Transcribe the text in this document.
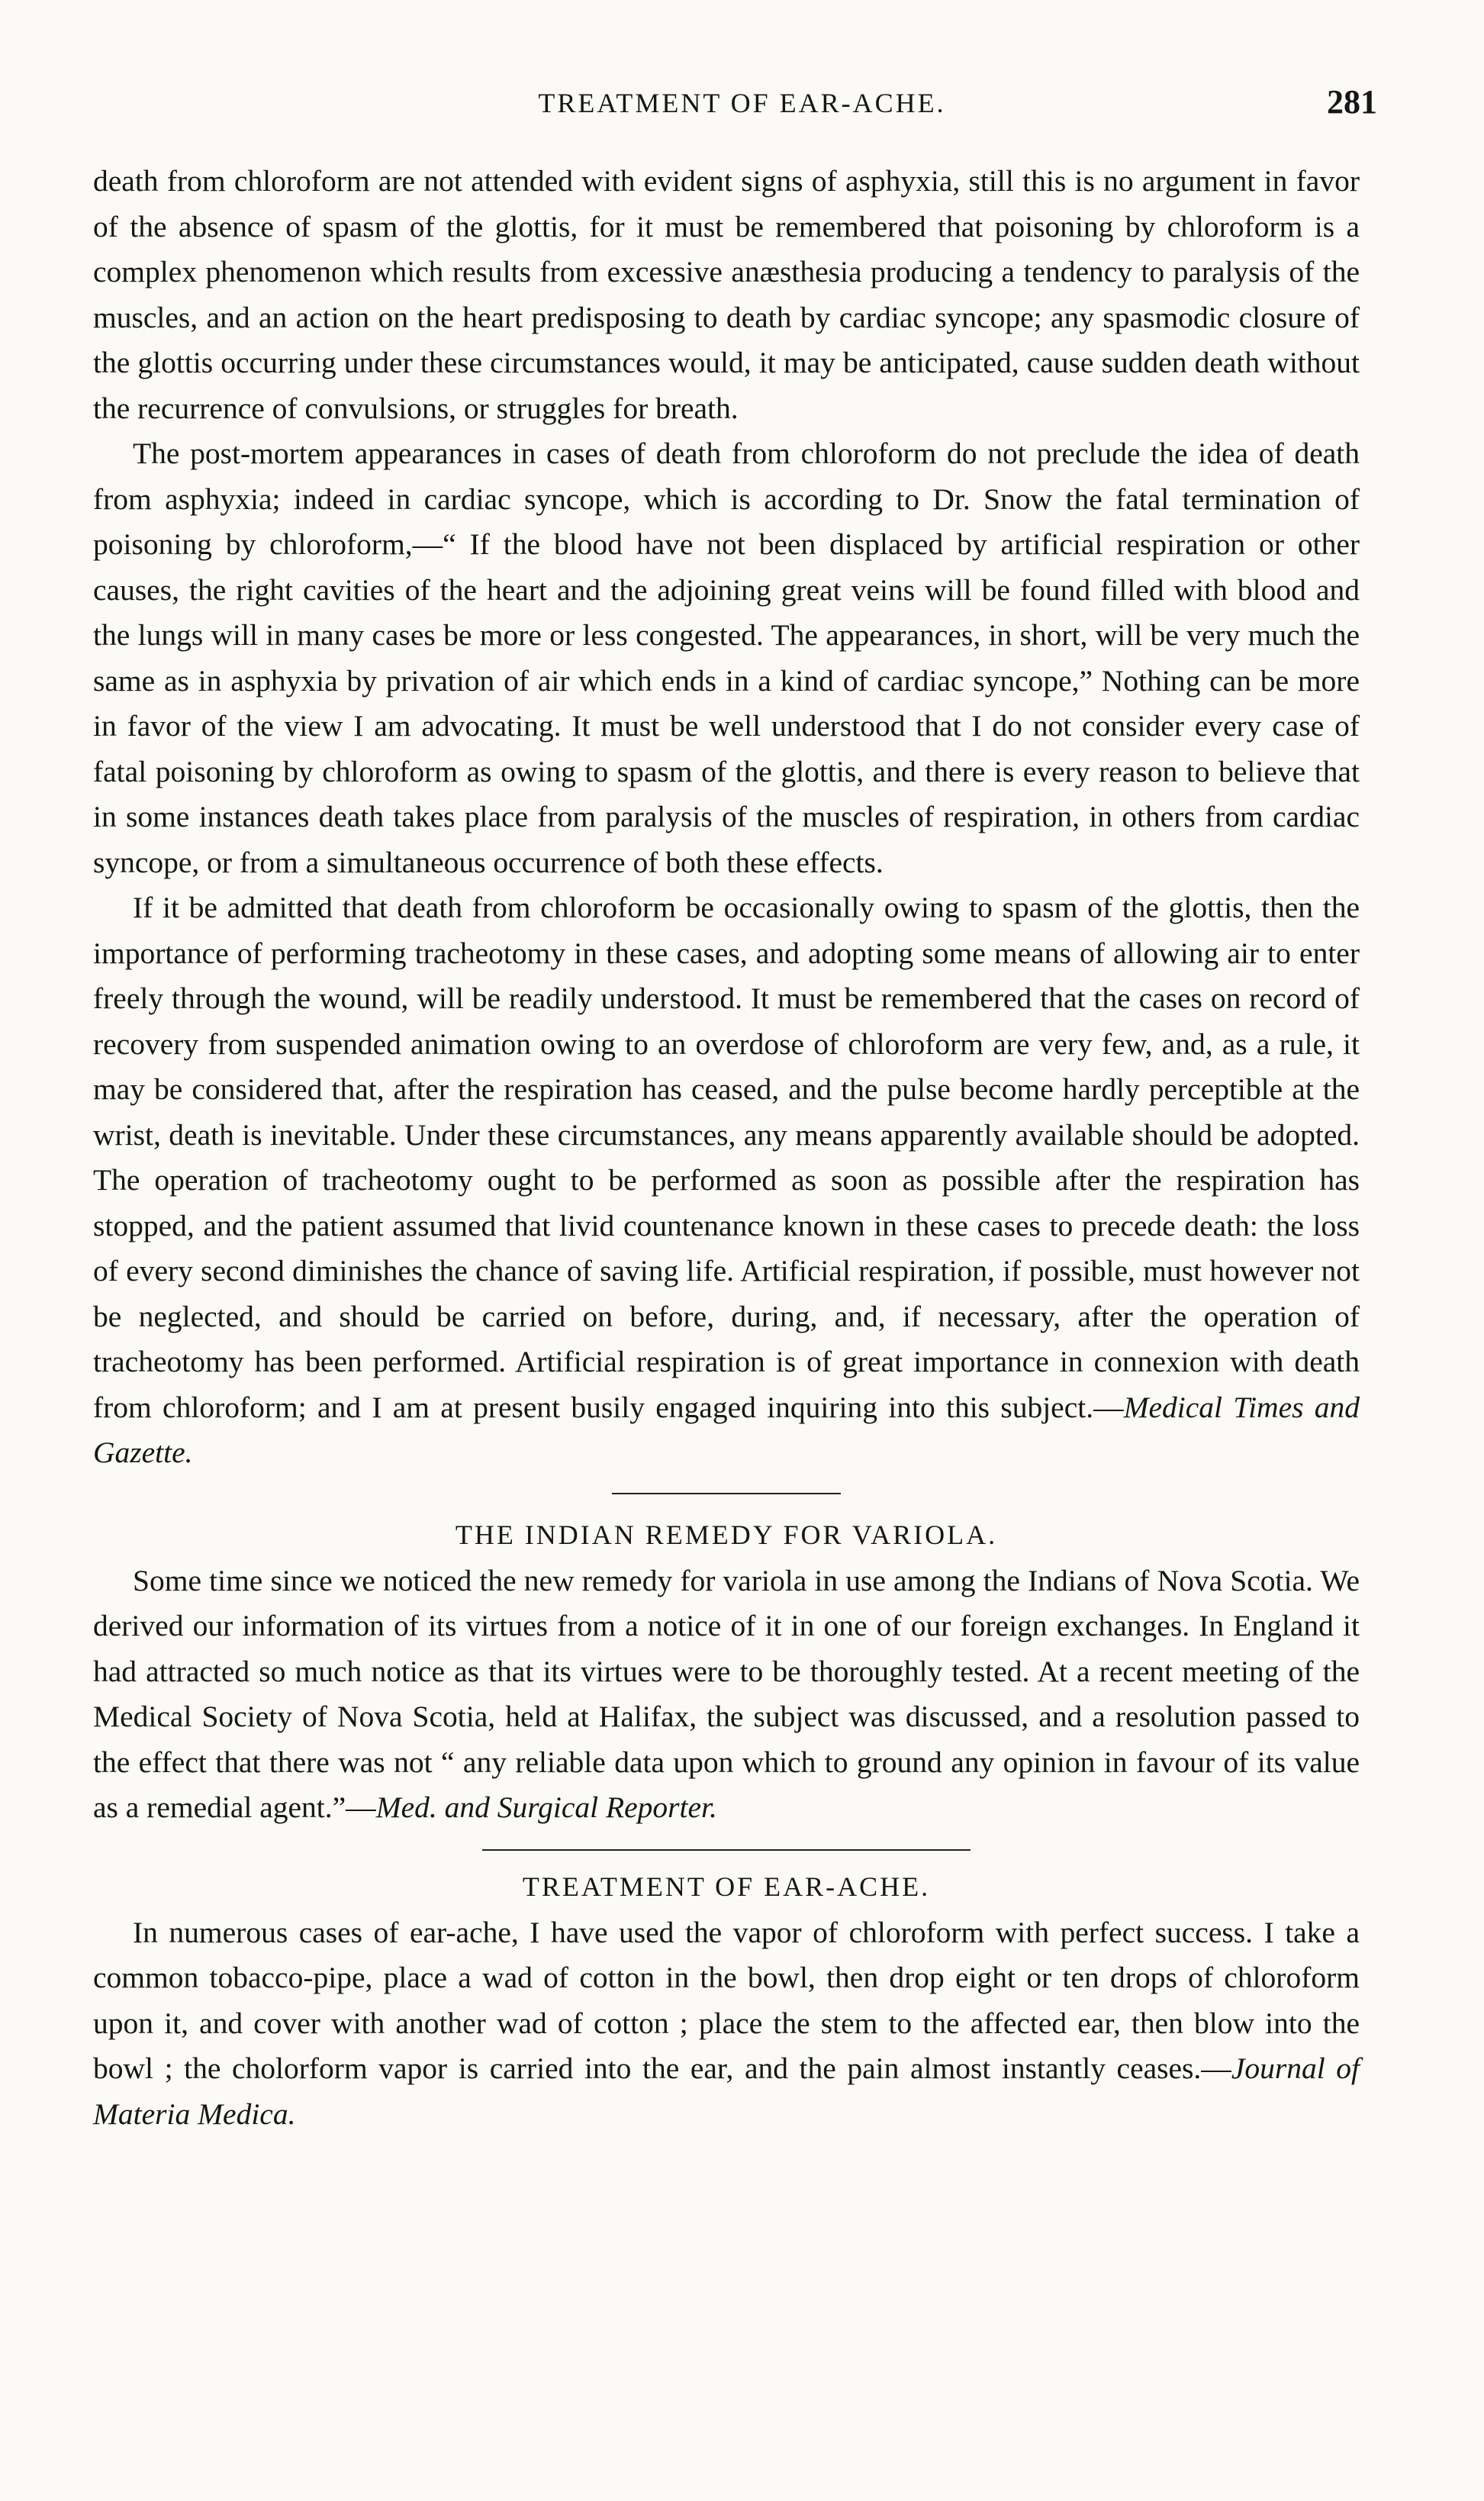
TREATMENT OF EAR-ACHE.	281

death from chloroform are not attended with evident signs of asphyxia, still this is no argument in favor of the absence of spasm of the glottis, for it must be remembered that poisoning by chloroform is a complex phenomenon which results from excessive anæsthesia producing a tendency to paralysis of the muscles, and an action on the heart predisposing to death by cardiac syncope; any spasmodic closure of the glottis occurring under these circumstances would, it may be anticipated, cause sudden death without the recurrence of convulsions, or struggles for breath.

The post-mortem appearances in cases of death from chloroform do not preclude the idea of death from asphyxia; indeed in cardiac syncope, which is according to Dr. Snow the fatal termination of poisoning by chloroform,—“ If the blood have not been displaced by artificial respiration or other causes, the right cavities of the heart and the adjoining great veins will be found filled with blood and the lungs will in many cases be more or less congested. The appearances, in short, will be very much the same as in asphyxia by privation of air which ends in a kind of cardiac syncope,” Nothing can be more in favor of the view I am advocating. It must be well understood that I do not consider every case of fatal poisoning by chloroform as owing to spasm of the glottis, and there is every reason to believe that in some instances death takes place from paralysis of the muscles of respiration, in others from cardiac syncope, or from a simultaneous occurrence of both these effects.

If it be admitted that death from chloroform be occasionally owing to spasm of the glottis, then the importance of performing tracheotomy in these cases, and adopting some means of allowing air to enter freely through the wound, will be readily understood. It must be remembered that the cases on record of recovery from suspended animation owing to an overdose of chloroform are very few, and, as a rule, it may be considered that, after the respiration has ceased, and the pulse become hardly perceptible at the wrist, death is inevitable. Under these circumstances, any means apparently available should be adopted. The operation of tracheotomy ought to be performed as soon as possible after the respiration has stopped, and the patient assumed that livid countenance known in these cases to precede death: the loss of every second diminishes the chance of saving life. Artificial respiration, if possible, must however not be neglected, and should be carried on before, during, and, if necessary, after the operation of tracheotomy has been performed. Artificial respiration is of great importance in connexion with death from chloroform; and I am at present busily engaged inquiring into this subject.—Medical Times and Gazette.

THE INDIAN REMEDY FOR VARIOLA.

Some time since we noticed the new remedy for variola in use among the Indians of Nova Scotia. We derived our information of its virtues from a notice of it in one of our foreign exchanges. In England it had attracted so much notice as that its virtues were to be thoroughly tested. At a recent meeting of the Medical Society of Nova Scotia, held at Halifax, the subject was discussed, and a resolution passed to the effect that there was not “ any reliable data upon which to ground any opinion in favour of its value as a remedial agent.”—Med. and Surgical Reporter.

TREATMENT OF EAR-ACHE.

In numerous cases of ear-ache, I have used the vapor of chloroform with perfect success. I take a common tobacco-pipe, place a wad of cotton in the bowl, then drop eight or ten drops of chloroform upon it, and cover with another wad of cotton ; place the stem to the affected ear, then blow into the bowl ; the cholorform vapor is carried into the ear, and the pain almost instantly ceases.—Journal of Materia Medica.
